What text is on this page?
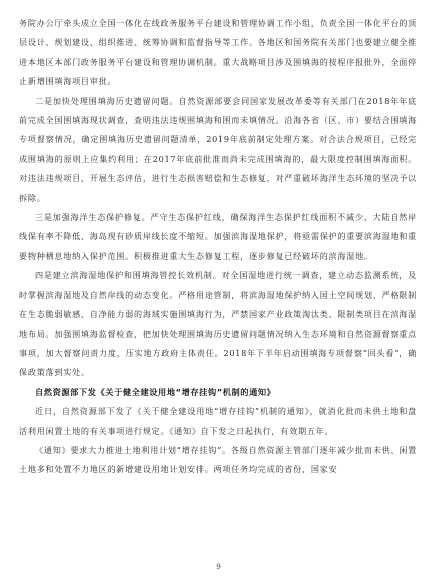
务院办公厅牵头成立全国一体化在线政务服务平台建设和管理协调工作小组，负责全国一体化平台的顶层设计、规划建设、组织推进、统筹协调和监督指导等工作。各地区和国务院有关部门也要建立健全推进本地区本部门政务服务平台建设和管理协调机制。重大战略项目涉及围填海的按程序报批外，全面停止新增围填海项目审批。

二是加快处理围填海历史遗留问题。自然资源部要会同国家发展改革委等有关部门在2018年年底前完成全国围填海现状调查，查明违法违规围填海和围而未填情况。沿海各省（区、市）要结合围填海专项督察情况，确定围填海历史遗留问题清单，2019年底前制定处理方案。对合法合规项目，已经完成围填海的原则上应集约利用；在2017年底前批准而尚未完成围填海的，最大限度控制围填海面积。对违法违规项目，开展生态评估，进行生态损害赔偿和生态修复，对严重破坏海洋生态环境的坚决予以拆除。

三是加强海洋生态保护修复。严守生态保护红线，确保海洋生态保护红线面积不减少、大陆自然岸线保有率不降低、海岛现有砂质岸线长度不缩短。加强滨海湿地保护，将亟需保护的重要滨海湿地和重要物种栖息地纳入保护范围。积极推进重大生态修复工程，逐步修复已经破坏的滨海湿地。

四是建立滨海湿地保护和围填海管控长效机制。对全国湿地进行统一调查，建立动态监测系统，及时掌握滨海湿地及自然岸线的动态变化。严格用途管制，将滨海湿地保护纳入国土空间规划，严格限制在生态脆弱敏感、自净能力弱的海域实施围填海行为，严禁国家产业政策淘汰类、限制类项目在滨海湿地布局。加强围填海监督检查，把加快处理围填海历史遗留问题情况纳入生态环境和自然资源督察重点事项，加大督察问责力度，压实地方政府主体责任。2018年下半年启动围填海专项督察“回头看”，确保政策落到实处。

自然资源部下发《关于健全建设用地“增存挂钩”机制的通知》

近日，自然资源部下发了《关于健全建设用地“增存挂钩”机制的通知》，就消化批而未供土地和盘活利用闲置土地的有关事项进行规定。《通知》自下发之日起执行，有效期五年。

《通知》要求大力推进土地利用计划“增存挂钩”。各级自然资源主管部门逐年减少批而未供、闲置土地多和处置不力地区的新增建设用地计划安排。两项任务均完成的省份，国家安

9
